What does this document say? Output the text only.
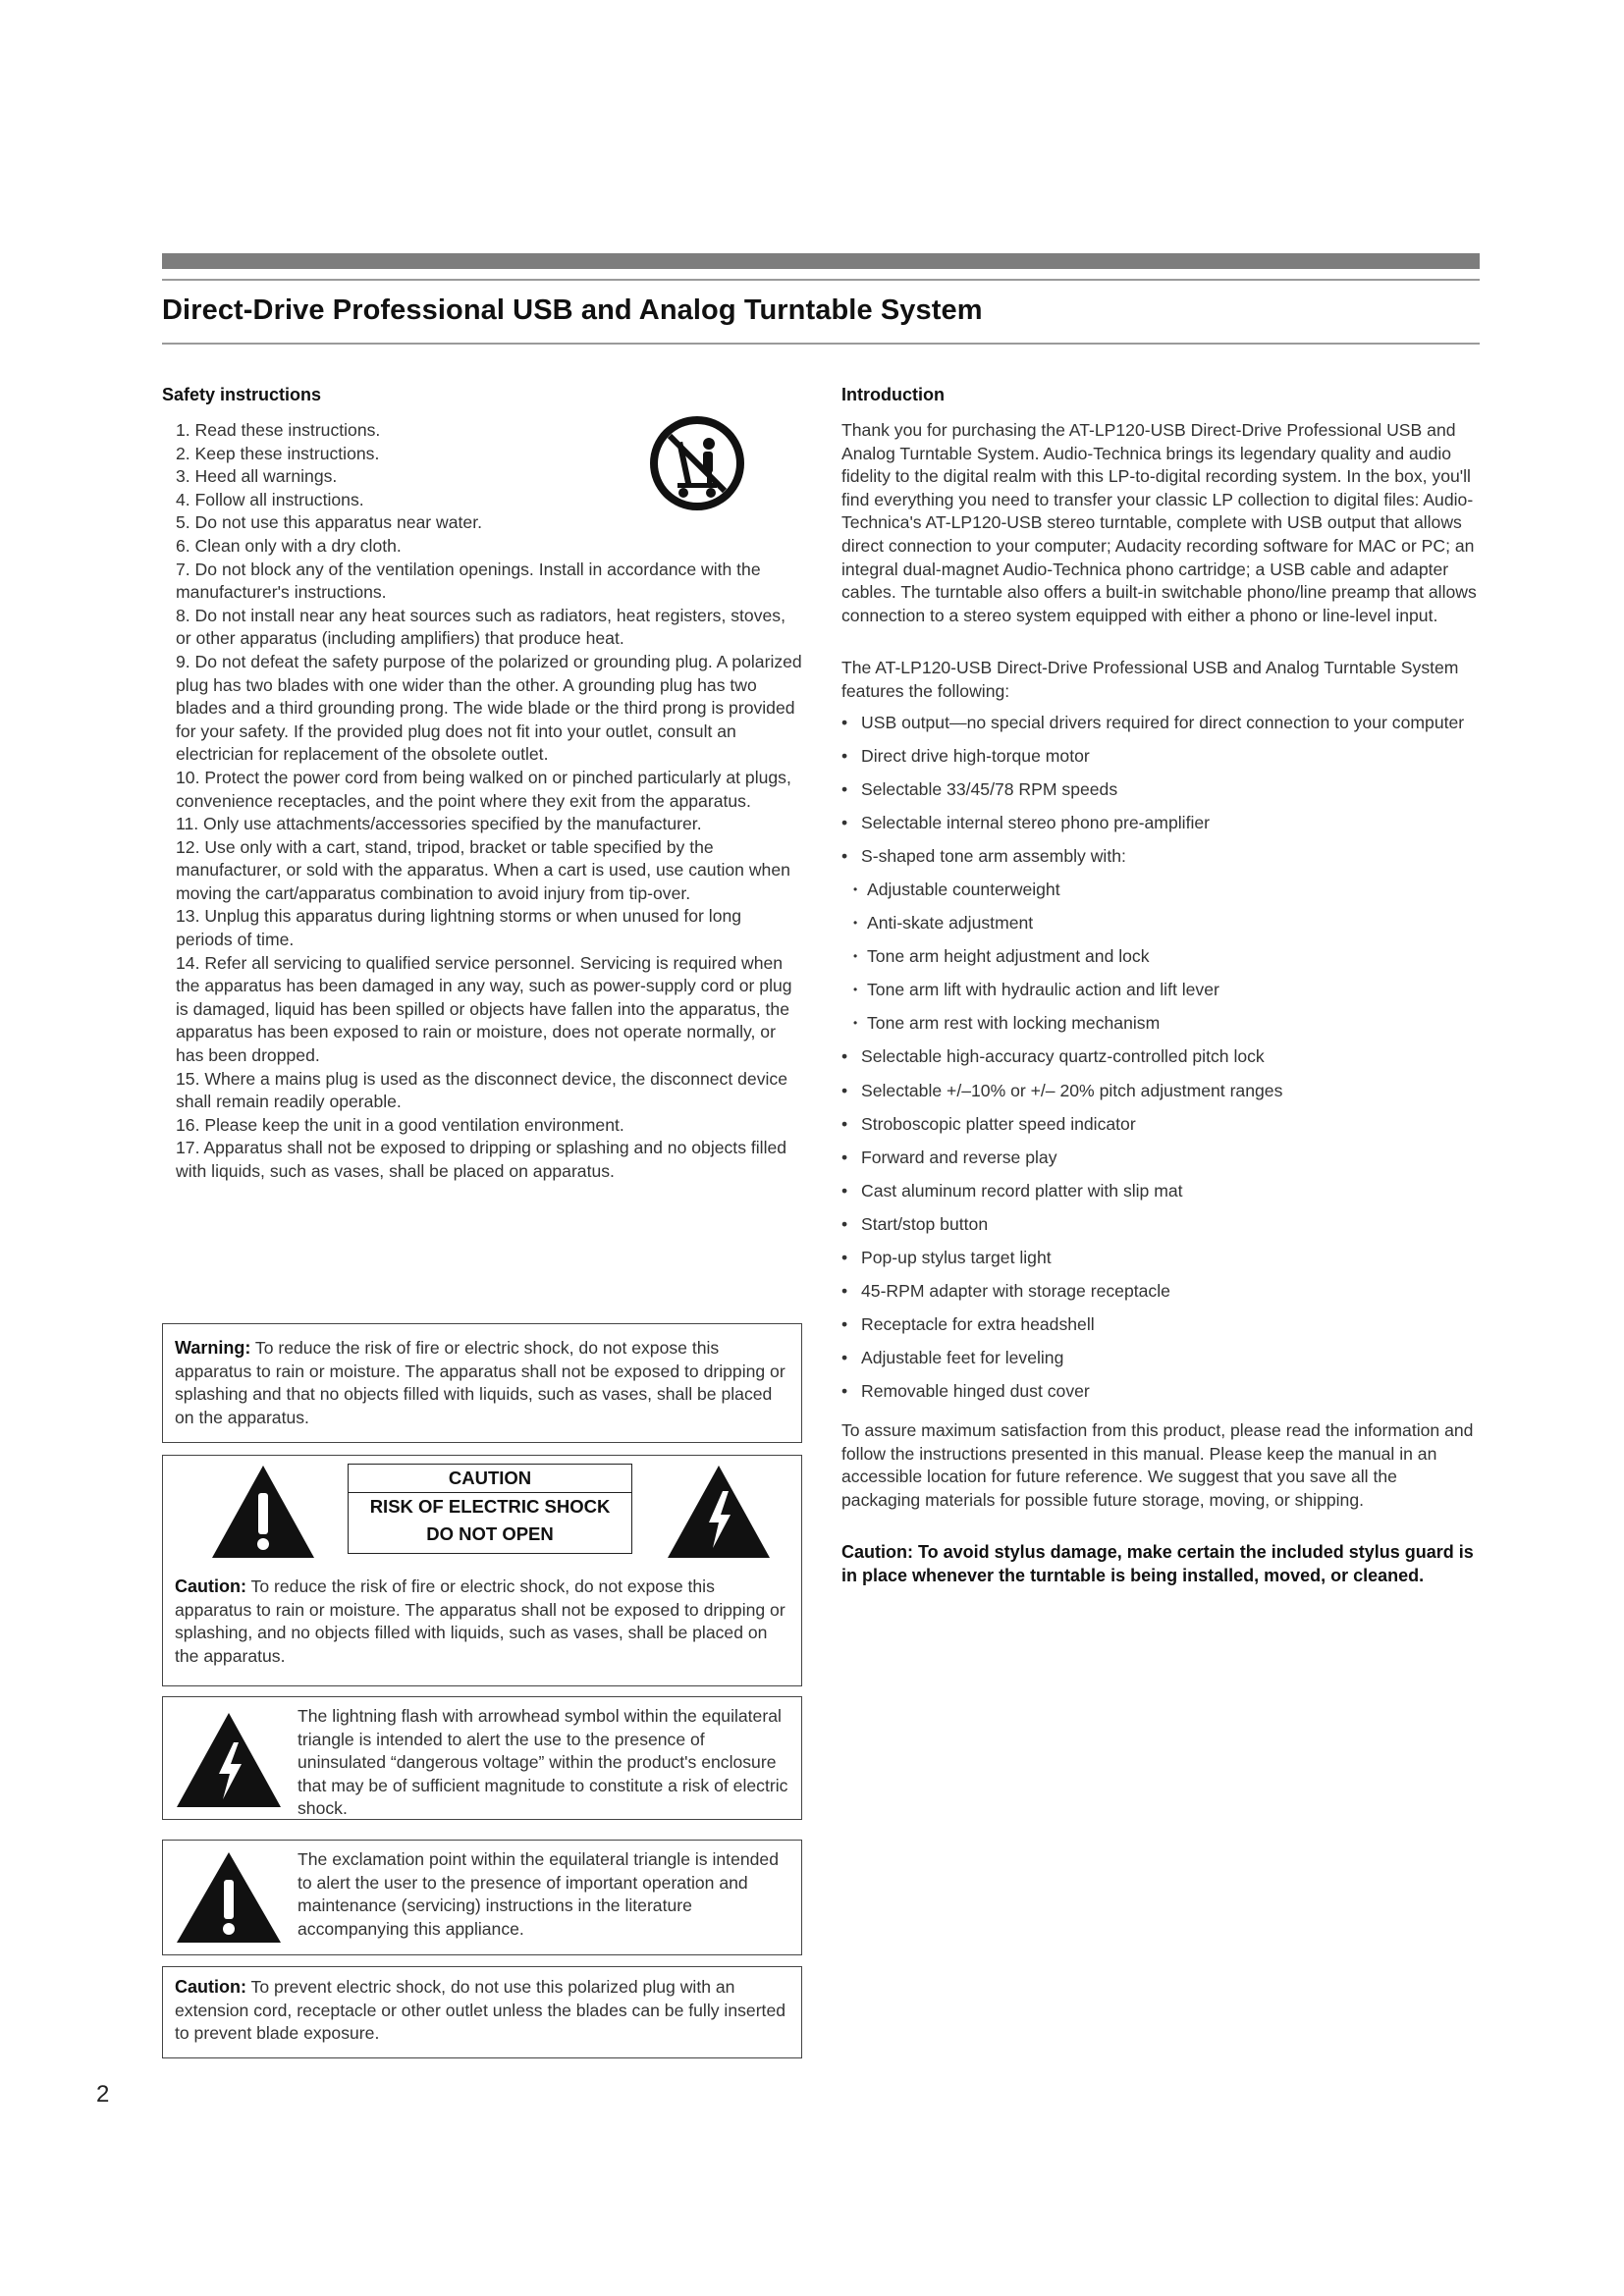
Direct-Drive Professional USB and Analog Turntable System
Safety instructions
1. Read these instructions.
2. Keep these instructions.
3. Heed all warnings.
4. Follow all instructions.
5. Do not use this apparatus near water.
6. Clean only with a dry cloth.
7. Do not block any of the ventilation openings. Install in accordance with the manufacturer's instructions.
8. Do not install near any heat sources such as radiators, heat registers, stoves, or other apparatus (including amplifiers) that produce heat.
9. Do not defeat the safety purpose of the polarized or grounding plug. A polarized plug has two blades with one wider than the other. A grounding plug has two blades and a third grounding prong. The wide blade or the third prong is provided for your safety. If the provided plug does not fit into your outlet, consult an electrician for replacement of the obsolete outlet.
10. Protect the power cord from being walked on or pinched particularly at plugs, convenience receptacles, and the point where they exit from the apparatus.
11. Only use attachments/accessories specified by the manufacturer.
12. Use only with a cart, stand, tripod, bracket or table specified by the manufacturer, or sold with the apparatus. When a cart is used, use caution when moving the cart/apparatus combination to avoid injury from tip-over.
13. Unplug this apparatus during lightning storms or when unused for long periods of time.
14. Refer all servicing to qualified service personnel. Servicing is required when the apparatus has been damaged in any way, such as power-supply cord or plug is damaged, liquid has been spilled or objects have fallen into the apparatus, the apparatus has been exposed to rain or moisture, does not operate normally, or has been dropped.
15. Where a mains plug is used as the disconnect device, the disconnect device shall remain readily operable.
16. Please keep the unit in a good ventilation environment.
17. Apparatus shall not be exposed to dripping or splashing and no objects filled with liquids, such as vases, shall be placed on apparatus.

Warning: To reduce the risk of fire or electric shock, do not expose this apparatus to rain or moisture. The apparatus shall not be exposed to dripping or splashing and that no objects filled with liquids, such as vases, shall be placed on the apparatus.

CAUTION
RISK OF ELECTRIC SHOCK
DO NOT OPEN

Caution: To reduce the risk of fire or electric shock, do not expose this apparatus to rain or moisture. The apparatus shall not be exposed to dripping or splashing, and no objects filled with liquids, such as vases, shall be placed on the apparatus.

The lightning flash with arrowhead symbol within the equilateral triangle is intended to alert the use to the presence of uninsulated “dangerous voltage” within the product's enclosure that may be of sufficient magnitude to constitute a risk of electric shock.

The exclamation point within the equilateral triangle is intended to alert the user to the presence of important operation and maintenance (servicing) instructions in the literature accompanying this appliance.

Caution: To prevent electric shock, do not use this polarized plug with an extension cord, receptacle or other outlet unless the blades can be fully inserted to prevent blade exposure.

Introduction

Thank you for purchasing the AT-LP120-USB Direct-Drive Professional USB and Analog Turntable System. Audio-Technica brings its legendary quality and audio fidelity to the digital realm with this LP-to-digital recording system. In the box, you'll find everything you need to transfer your classic LP collection to digital files: Audio-Technica's AT-LP120-USB stereo turntable, complete with USB output that allows direct connection to your computer; Audacity recording software for MAC or PC; an integral dual-magnet Audio-Technica phono cartridge; a USB cable and adapter cables. The turntable also offers a built-in switchable phono/line preamp that allows connection to a stereo system equipped with either a phono or line-level input.

The AT-LP120-USB Direct-Drive Professional USB and Analog Turntable System features the following:

• USB output—no special drivers required for direct connection to your computer
• Direct drive high-torque motor
• Selectable 33/45/78 RPM speeds
• Selectable internal stereo phono pre-amplifier
• S-shaped tone arm assembly with:
• Adjustable counterweight
• Anti-skate adjustment
• Tone arm height adjustment and lock
• Tone arm lift with hydraulic action and lift lever
• Tone arm rest with locking mechanism
• Selectable high-accuracy quartz-controlled pitch lock
• Selectable +/–10% or +/– 20% pitch adjustment ranges
• Stroboscopic platter speed indicator
• Forward and reverse play
• Cast aluminum record platter with slip mat
• Start/stop button
• Pop-up stylus target light
• 45-RPM adapter with storage receptacle
• Receptacle for extra headshell
• Adjustable feet for leveling
• Removable hinged dust cover

To assure maximum satisfaction from this product, please read the information and follow the instructions presented in this manual. Please keep the manual in an accessible location for future reference. We suggest that you save all the packaging materials for possible future storage, moving, or shipping.

Caution: To avoid stylus damage, make certain the included stylus guard is in place whenever the turntable is being installed, moved, or cleaned.

2
